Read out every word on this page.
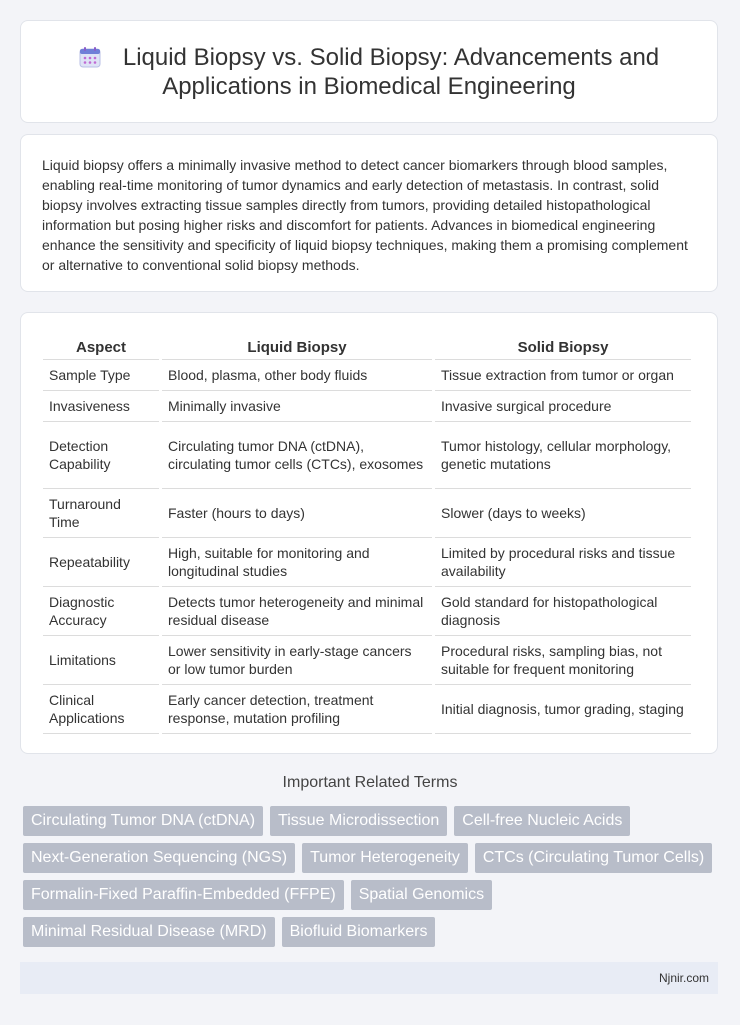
Liquid Biopsy vs. Solid Biopsy: Advancements and Applications in Biomedical Engineering

Liquid biopsy offers a minimally invasive method to detect cancer biomarkers through blood samples, enabling real-time monitoring of tumor dynamics and early detection of metastasis. In contrast, solid biopsy involves extracting tissue samples directly from tumors, providing detailed histopathological information but posing higher risks and discomfort for patients. Advances in biomedical engineering enhance the sensitivity and specificity of liquid biopsy techniques, making them a promising complement or alternative to conventional solid biopsy methods.

Aspect	Liquid Biopsy	Solid Biopsy
Sample Type	Blood, plasma, other body fluids	Tissue extraction from tumor or organ
Invasiveness	Minimally invasive	Invasive surgical procedure
Detection Capability	Circulating tumor DNA (ctDNA), circulating tumor cells (CTCs), exosomes	Tumor histology, cellular morphology, genetic mutations
Turnaround Time	Faster (hours to days)	Slower (days to weeks)
Repeatability	High, suitable for monitoring and longitudinal studies	Limited by procedural risks and tissue availability
Diagnostic Accuracy	Detects tumor heterogeneity and minimal residual disease	Gold standard for histopathological diagnosis
Limitations	Lower sensitivity in early-stage cancers or low tumor burden	Procedural risks, sampling bias, not suitable for frequent monitoring
Clinical Applications	Early cancer detection, treatment response, mutation profiling	Initial diagnosis, tumor grading, staging
Important Related Terms
Circulating Tumor DNA (ctDNA)	Tissue Microdissection	Cell-free Nucleic Acids
Next-Generation Sequencing (NGS)	Tumor Heterogeneity	CTCs (Circulating Tumor Cells)
Formalin-Fixed Paraffin-Embedded (FFPE)	Spatial Genomics
Minimal Residual Disease (MRD)	Biofluid Biomarkers
Njnir.com
